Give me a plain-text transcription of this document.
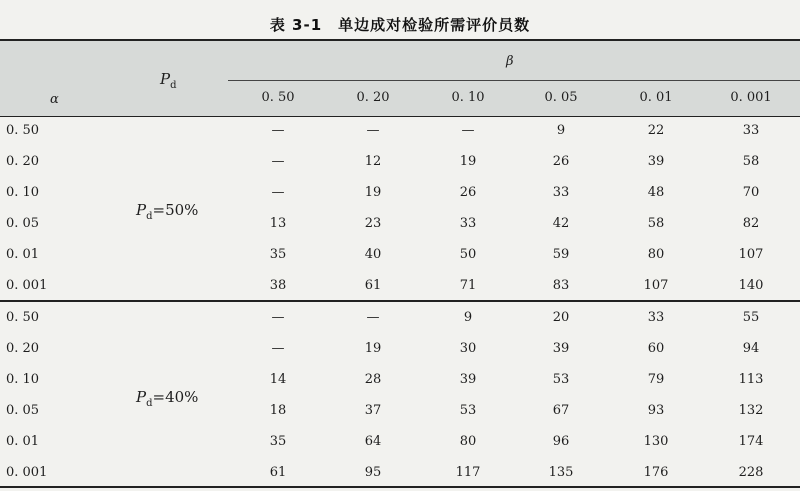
表 3-1　单边成对检验所需评价员数
α
$P_d$
β
0. 50	0. 20	0. 10	0. 05	0. 01	0. 001
0. 50	—	—	—	9	22	33
0. 20	—	12	19	26	39	58
0. 10	—	19	26	33	48	70
0. 05	13	23	33	42	58	82
0. 01	35	40	50	59	80	107
0. 001	38	61	71	83	107	140
$P_d=50\%$
0. 50	—	—	9	20	33	55
0. 20	—	19	30	39	60	94
0. 10	14	28	39	53	79	113
0. 05	18	37	53	67	93	132
0. 01	35	64	80	96	130	174
0. 001	61	95	117	135	176	228
$P_d=40\%$
